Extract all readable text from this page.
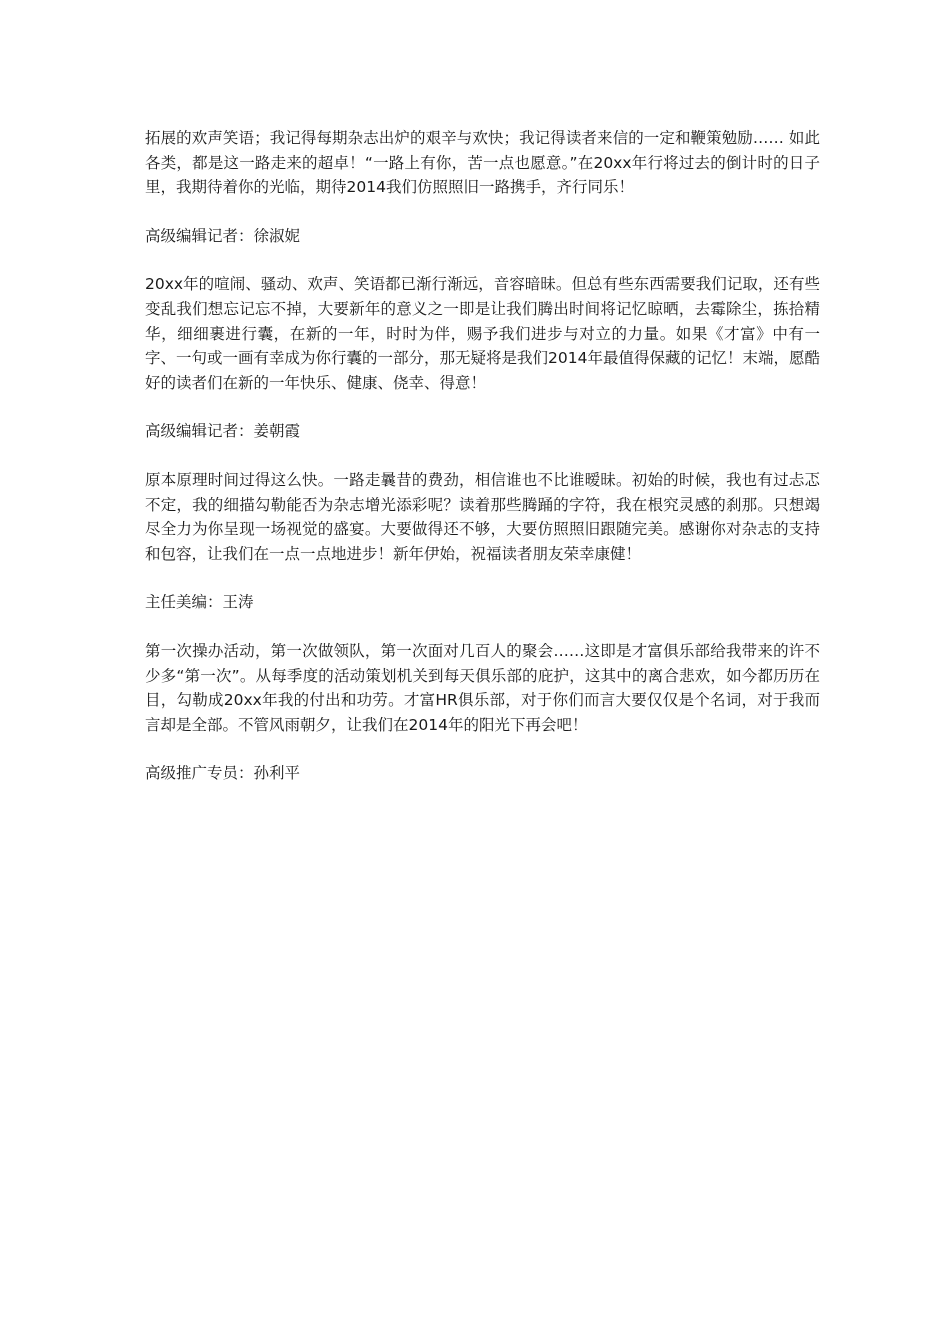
拓展的欢声笑语；我记得每期杂志出炉的艰辛与欢快；我记得读者来信的一定和鞭策勉励…… 如此各类，都是这一路走来的超卓！“一路上有你，苦一点也愿意。”在20xx年行将过去的倒计时的日子里，我期待着你的光临，期待2014我们仿照照旧一路携手，齐行同乐！

高级编辑记者：徐淑妮

20xx年的喧闹、骚动、欢声、笑语都已渐行渐远，音容暗昧。但总有些东西需要我们记取，还有些变乱我们想忘记忘不掉，大要新年的意义之一即是让我们腾出时间将记忆晾晒，去霉除尘，拣拾精华，细细裹进行囊，在新的一年，时时为伴，赐予我们进步与对立的力量。如果《才富》中有一字、一句或一画有幸成为你行囊的一部分，那无疑将是我们2014年最值得保藏的记忆！末端，愿酷好的读者们在新的一年快乐、健康、侥幸、得意！

高级编辑记者：姜朝霞

原本原理时间过得这么快。一路走曩昔的费劲，相信谁也不比谁暧昧。初始的时候，我也有过忐忑不定，我的细描勾勒能否为杂志增光添彩呢？读着那些腾踊的字符，我在根究灵感的刹那。只想竭尽全力为你呈现一场视觉的盛宴。大要做得还不够，大要仿照照旧跟随完美。感谢你对杂志的支持和包容，让我们在一点一点地进步！新年伊始，祝福读者朋友荣幸康健！

主任美编：王涛

第一次操办活动，第一次做领队，第一次面对几百人的聚会……这即是才富俱乐部给我带来的许不少多“第一次”。从每季度的活动策划机关到每天俱乐部的庇护，这其中的离合悲欢，如今都历历在目，勾勒成20xx年我的付出和功劳。才富HR俱乐部，对于你们而言大要仅仅是个名词，对于我而言却是全部。不管风雨朝夕，让我们在2014年的阳光下再会吧！

高级推广专员：孙利平
